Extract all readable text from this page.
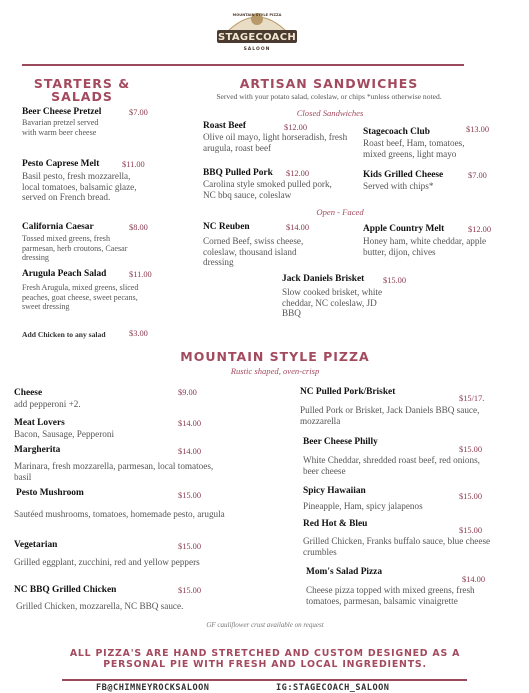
MOUNTAIN STYLE PIZZA
STAGECOACH
SALOON
STARTERS & SALADS
Beer Cheese Pretzel	$7.00
Bavarian pretzel served with warm beer cheese
Pesto Caprese Melt	$11.00
Basil pesto, fresh mozzarella, local tomatoes, balsamic glaze, served on French bread.
California Caesar	$8.00
Tossed mixed greens, fresh parmesan, herb croutons, Caesar dressing
Arugula Peach Salad	$11.00
Fresh Arugula, mixed greens, sliced peaches, goat cheese, sweet pecans, sweet dressing
Add Chicken to any salad	$3.00
ARTISAN SANDWICHES
Served with your potato salad, coleslaw, or chips *unless otherwise noted.
Closed Sandwiches
Roast Beef	$12.00
Olive oil mayo, light horseradish, fresh arugula, roast beef
Stagecoach Club	$13.00
Roast beef, Ham, tomatoes, mixed greens, light mayo
BBQ Pulled Pork $12.00
Carolina style smoked pulled pork, NC bbq sauce, coleslaw
Kids Grilled Cheese	$7.00
Served with chips*
Open - Faced
NC Reuben	$14.00
Corned Beef, swiss cheese, coleslaw, thousand island dressing
Apple Country Melt	$12.00
Honey ham, white cheddar, apple butter, dijon, chives
Jack Daniels Brisket $15.00
Slow cooked brisket, white cheddar, NC coleslaw, JD BBQ
MOUNTAIN STYLE PIZZA
Rustic shaped, oven-crisp
Cheese	$9.00
add pepperoni +2.
Meat Lovers	$14.00
Bacon, Sausage, Pepperoni
Margherita	$14.00
Marinara, fresh mozzarella, parmesan, local tomatoes, basil
Pesto Mushroom	$15.00
Sautéed mushrooms, tomatoes, homemade pesto, arugula
Vegetarian	$15.00
Grilled eggplant, zucchini, red and yellow peppers
NC BBQ Grilled Chicken	$15.00
Grilled Chicken, mozzarella, NC BBQ sauce.
NC Pulled Pork/Brisket
$15/17.
Pulled Pork or Brisket, Jack Daniels BBQ sauce, mozzarella
Beer Cheese Philly
$15.00
White Cheddar, shredded roast beef, red onions, beer cheese
Spicy Hawaiian
$15.00
Pineapple, Ham, spicy jalapenos
Red Hot & Bleu
$15.00
Grilled Chicken, Franks buffalo sauce, blue cheese crumbles
Mom's Salad Pizza
$14.00
Cheese pizza topped with mixed greens, fresh tomatoes, parmesan, balsamic vinaigrette
GF cauliflower crust available on request
ALL PIZZA'S ARE HAND STRETCHED AND CUSTOM DESIGNED AS A PERSONAL PIE WITH FRESH AND LOCAL INGREDIENTS.
FB@CHIMNEYROCKSALOON	IG:STAGECOACH_SALOON
